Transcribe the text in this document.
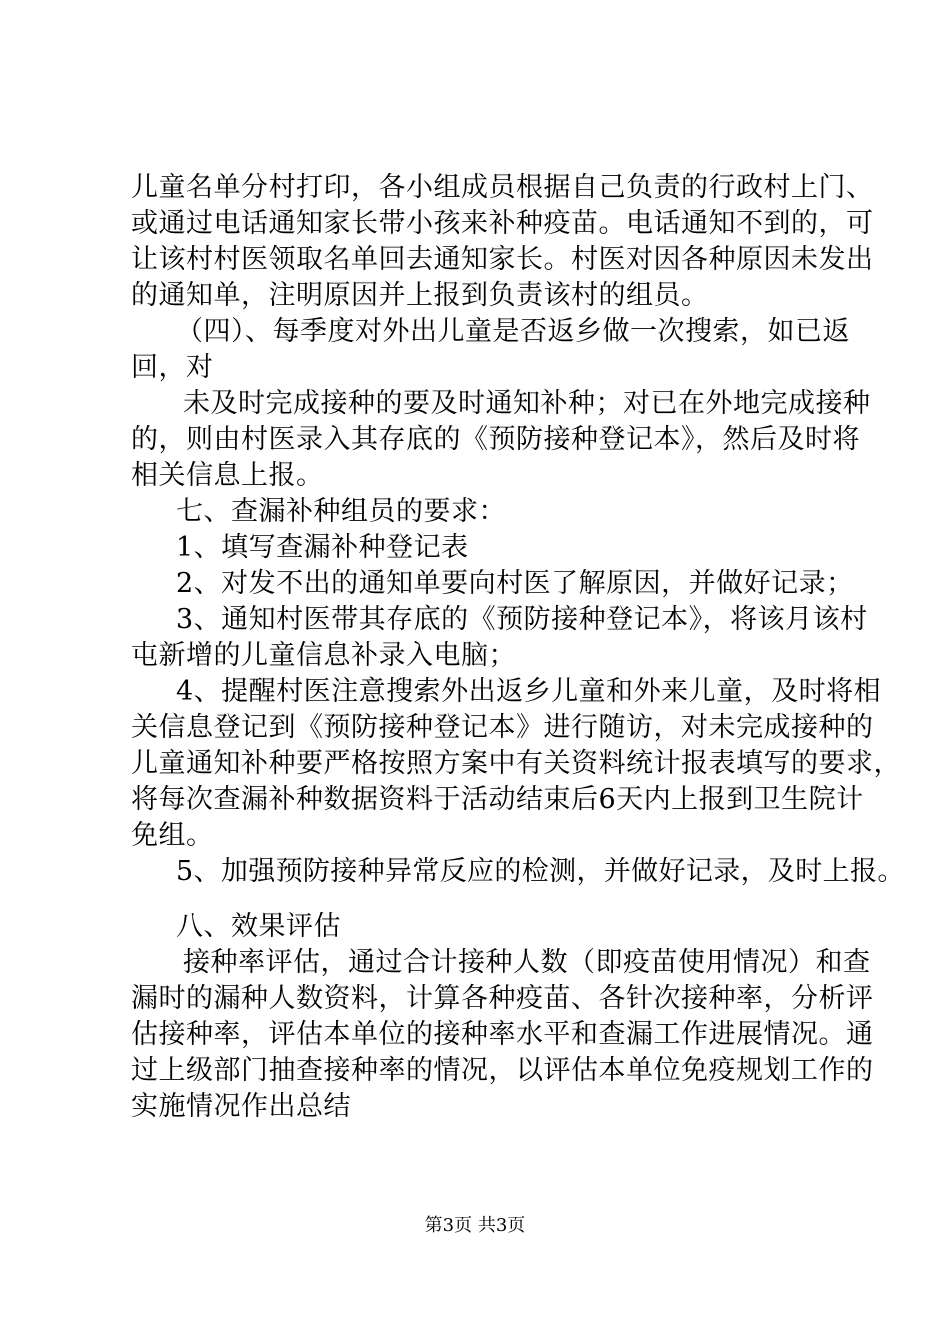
儿童名单分村打印，各小组成员根据自己负责的行政村上门、
或通过电话通知家长带小孩来补种疫苗。电话通知不到的，可
让该村村医领取名单回去通知家长。村医对因各种原因未发出
的通知单，注明原因并上报到负责该村的组员。
（四）、每季度对外出儿童是否返乡做一次搜索，如已返
回，对
未及时完成接种的要及时通知补种；对已在外地完成接种
的，则由村医录入其存底的《预防接种登记本》，然后及时将
相关信息上报。
七、查漏补种组员的要求：
1、填写查漏补种登记表
2、对发不出的通知单要向村医了解原因，并做好记录；
3、通知村医带其存底的《预防接种登记本》，将该月该村
屯新增的儿童信息补录入电脑；
4、提醒村医注意搜索外出返乡儿童和外来儿童，及时将相
关信息登记到《预防接种登记本》进行随访，对未完成接种的
儿童通知补种要严格按照方案中有关资料统计报表填写的要求，
将每次查漏补种数据资料于活动结束后6天内上报到卫生院计
免组。
5、加强预防接种异常反应的检测，并做好记录，及时上报。
八、效果评估
接种率评估，通过合计接种人数（即疫苗使用情况）和查
漏时的漏种人数资料，计算各种疫苗、各针次接种率，分析评
估接种率，评估本单位的接种率水平和查漏工作进展情况。通
过上级部门抽查接种率的情况，以评估本单位免疫规划工作的
实施情况作出总结
第3页 共3页
